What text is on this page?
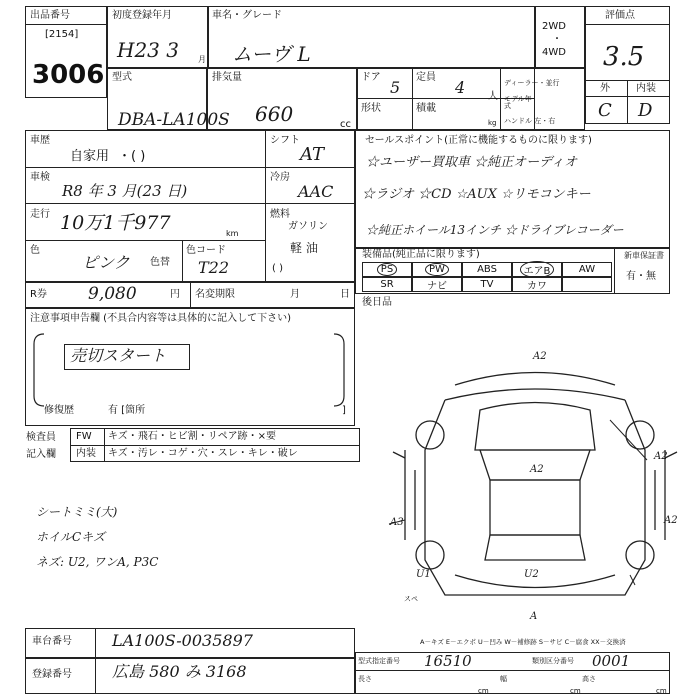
出品番号
[2154]
3006
初度登録年月
H23 3 月
車名・グレード
ムーヴ L
2WD
・
4WD
評価点
3.5
外	内装
C D
型式
DBA-LA100S
排気量
660	cc
ドア
5
定員
4 人
形状	積載
kg
ディーラー・並行
モデル年式
ハンドル 左・右
車歴
自家用 ・( )
シフト
AT
車検
R8 年 3 月(23 日)
冷房
AAC
走行 10万1千977	km
燃料
ガソリン
軽 油
( )
色
ピンク 色替
色コード
T22
R券 9,080	円 名変期限	月	日
セールスポイント(正常に機能するものに限ります)
☆ユーザー買取車 ☆純正オーディオ
☆ラジオ ☆CD ☆AUX ☆リモコンキー
☆純正ホイール13インチ ☆ドライブレコーダー
装備品(純正品に限ります)	新車保証書
有・無
PS	PW	ABS	エアB	AW
SR	ナビ	TV	カワ
後日品
注意事項申告欄 (不具合内容等は具体的に記入して下さい)
売切スタート
修復歴	有 [箇所	]
検査員
記入欄
FW キズ・飛石・ヒビ割・リペア跡・×要
内装 キズ・汚レ・コゲ・穴・スレ・キレ・破レ
シートミミ(大)
ホイルCキズ
ネズ: U2, ワンA, P3C
A2
A2
A2
A3	A2
U1	U2
A
スペ
A－キズ E－エクボ U－凹み W－補修跡 S－サビ C－腐食 XX－交換済
車台番号	LA100S-0035897
登録番号	広島 580 み 3168
型式指定番号 16510	類別区分番号 0001
長さ
cm
幅
cm
高さ
cm
